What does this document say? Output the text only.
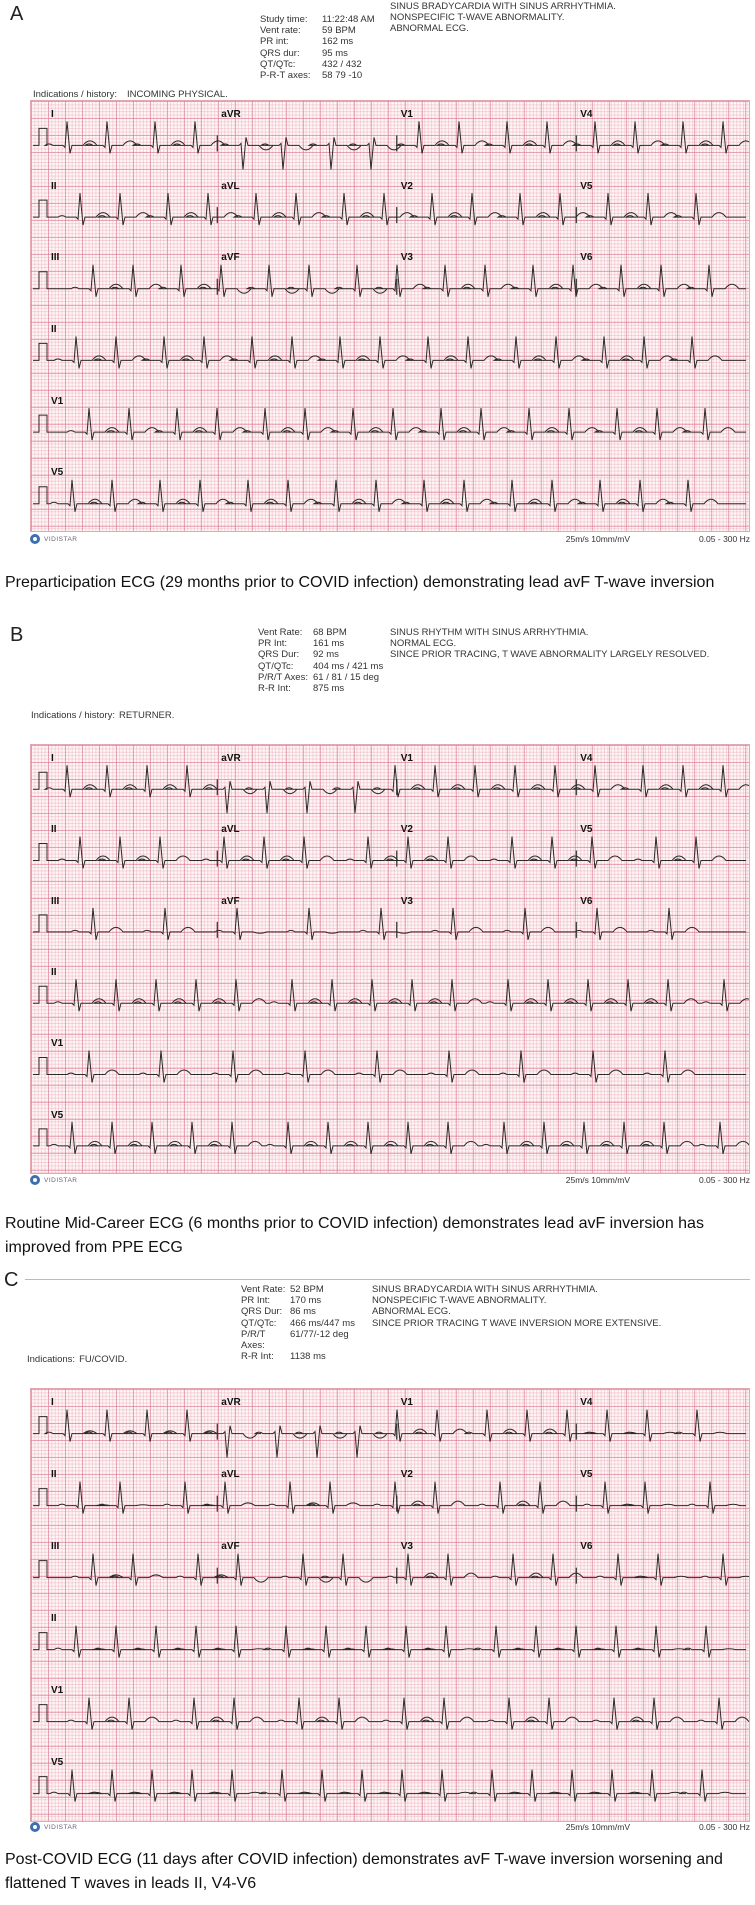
A	Study time:	11:22:48 AM
Vent rate:	59 BPM
PR int:	162 ms
QRS dur:	95 ms
QT/QTc:	432 / 432
P-R-T axes:	58 79 -10
SINUS BRADYCARDIA WITH SINUS ARRHYTHMIA.
NONSPECIFIC T-WAVE ABNORMALITY.
ABNORMAL ECG.
Indications / history: INCOMING PHYSICAL.
I	aVR	V1	V4
II	aVL	V2	V5
III	aVF	V3	V6
II
V1
V5
VIDISTAR	25m/s 10mm/mV	0.05 - 300 Hz
Preparticipation ECG (29 months prior to COVID infection) demonstrating lead avF T-wave inversion
B	Vent Rate:	68 BPM
PR Int:	161 ms
QRS Dur:	92 ms
QT/QTc:	404 ms / 421 ms
P/R/T Axes: 61 / 81 / 15 deg
R-R Int:	875 ms
SINUS RHYTHM WITH SINUS ARRHYTHMIA.
NORMAL ECG.
SINCE PRIOR TRACING, T WAVE ABNORMALITY LARGELY RESOLVED.
Indications / history: RETURNER.
I	aVR	V1	V4
II	aVL	V2	V5
III	aVF	V3	V6
II
V1
V5
VIDISTAR	25m/s 10mm/mV	0.05 - 300 Hz
Routine Mid-Career ECG (6 months prior to COVID infection) demonstrates lead avF inversion has improved from PPE ECG
C	Vent Rate: 52 BPM
PR Int:	170 ms
QRS Dur: 86 ms
QT/QTc:	466 ms/447 ms
P/R/T Axes:
61/77/-12 deg
R-R Int:	1138 ms
SINUS BRADYCARDIA WITH SINUS ARRHYTHMIA.
NONSPECIFIC T-WAVE ABNORMALITY.
ABNORMAL ECG.
SINCE PRIOR TRACING T WAVE INVERSION MORE EXTENSIVE.
Indications: FU/COVID.
I	aVR	V1	V4
II	aVL	V2	V5
III	aVF	V3	V6
II
V1
V5
VIDISTAR	25m/s 10mm/mV	0.05 - 300 Hz
Post-COVID ECG (11 days after COVID infection) demonstrates avF T-wave inversion worsening and flattened T waves in leads II, V4-V6
